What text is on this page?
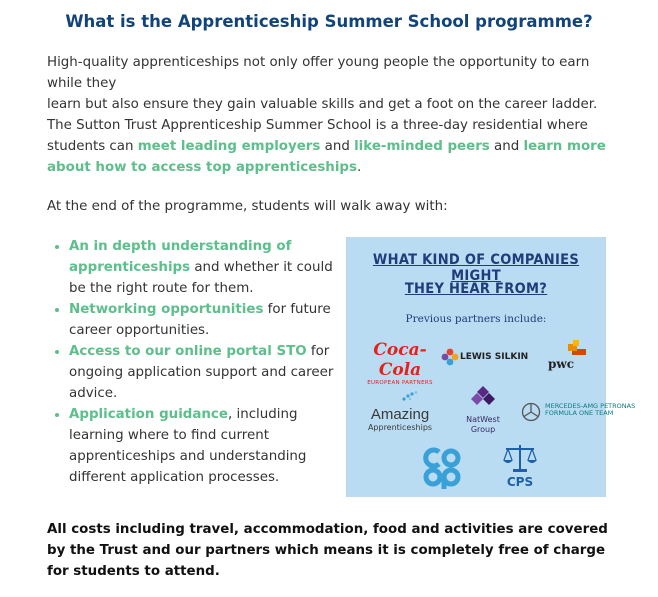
What is the Apprenticeship Summer School programme?

High-quality apprenticeships not only offer young people the opportunity to earn while they
learn but also ensure they gain valuable skills and get a foot on the career ladder. The Sutton Trust Apprenticeship Summer School is a three-day residential where students can meet leading employers and like-minded peers and learn more about how to access top apprenticeships.

At the end of the programme, students will walk away with:

• An in depth understanding of apprenticeships and whether it could be the right route for them.
• Networking opportunities for future career opportunities.
• Access to our online portal STO for ongoing application support and career advice.
• Application guidance, including learning where to find current apprenticeships and understanding different application processes.
WHAT KIND OF COMPANIES MIGHT
THEY HEAR FROM?
Previous partners include:
Coca-Cola
EUROPEAN PARTNERS
LEWIS SILKIN pwc
Amazing
Apprenticeships
NatWest Group
MERCEDES-AMG PETRONAS
FORMULA ONE TEAM
CPS

All costs including travel, accommodation, food and activities are covered by the Trust and our partners which means it is completely free of charge for students to attend.
